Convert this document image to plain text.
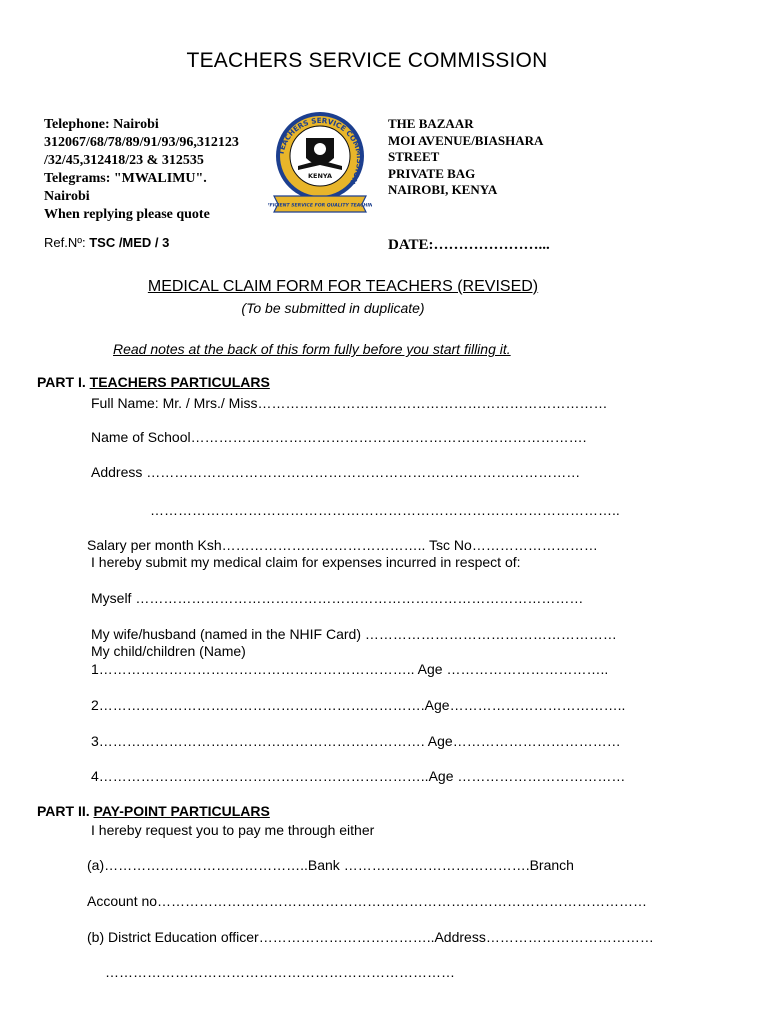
TEACHERS SERVICE COMMISSION
Telephone: Nairobi
312067/68/78/89/91/93/96,312123
/32/45,312418/23 & 312535
Telegrams: "MWALIMU".
Nairobi
When replying please quote
TEACHERS SERVICE COMMISSION
KENYA
EFFICIENT SERVICE FOR QUALITY TEACHING
THE BAZAAR
MOI AVENUE/BIASHARA
STREET
PRIVATE BAG
NAIROBI, KENYA
Ref.Nº: TSC /MED / 3	DATE:…………………...
MEDICAL CLAIM FORM FOR TEACHERS (REVISED)
(To be submitted in duplicate)
Read notes at the back of this form fully before you start filling it.
PART I. TEACHERS PARTICULARS
Full Name: Mr. / Mrs./ Miss…………………………………………………………………
Name of School………………………………………………………………………….
Address …………………………………………………………………………………
………………………………………………………………………………………..
Salary per month Ksh…………………………………….. Tsc No………………………
I hereby submit my medical claim for expenses incurred in respect of:
Myself ……………………………………………………………………………………
My wife/husband (named in the NHIF Card) ………………………………………………
My child/children (Name)
1………………………………………………………….. Age ……………………………..
2…………………………………………………………….Age………………………………..
3……………………………………………………………. Age………………………………
4……………………………………………………………..Age ………………………………
PART II. PAY-POINT PARTICULARS
I hereby request you to pay me through either
(a)……………………………………..Bank ………………………………….Branch
Account no……………………………………………………………………………………………
(b) District Education officer………………………………..Address………………………………
…………………………………………………………………
